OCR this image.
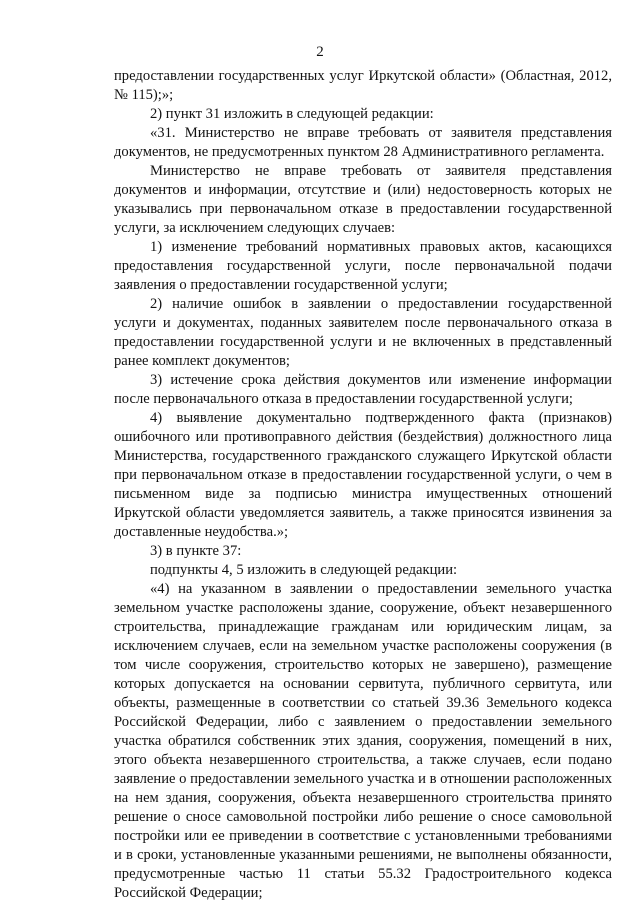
2

предоставлении государственных услуг Иркутской области» (Областная, 2012, № 115);»;

2) пункт 31 изложить в следующей редакции:

«31. Министерство не вправе требовать от заявителя представления документов, не предусмотренных пунктом 28 Административного регламента.

Министерство не вправе требовать от заявителя представления документов и информации, отсутствие и (или) недостоверность которых не указывались при первоначальном отказе в предоставлении государственной услуги, за исключением следующих случаев:

1) изменение требований нормативных правовых актов, касающихся предоставления государственной услуги, после первоначальной подачи заявления о предоставлении государственной услуги;

2) наличие ошибок в заявлении о предоставлении государственной услуги и документах, поданных заявителем после первоначального отказа в предоставлении государственной услуги и не включенных в представленный ранее комплект документов;

3) истечение срока действия документов или изменение информации после первоначального отказа в предоставлении государственной услуги;

4) выявление документально подтвержденного факта (признаков) ошибочного или противоправного действия (бездействия) должностного лица Министерства, государственного гражданского служащего Иркутской области при первоначальном отказе в предоставлении государственной услуги, о чем в письменном виде за подписью министра имущественных отношений Иркутской области уведомляется заявитель, а также приносятся извинения за доставленные неудобства.»;

3) в пункте 37:

подпункты 4, 5 изложить в следующей редакции:

«4) на указанном в заявлении о предоставлении земельного участка земельном участке расположены здание, сооружение, объект незавершенного строительства, принадлежащие гражданам или юридическим лицам, за исключением случаев, если на земельном участке расположены сооружения (в том числе сооружения, строительство которых не завершено), размещение которых допускается на основании сервитута, публичного сервитута, или объекты, размещенные в соответствии со статьей 39.36 Земельного кодекса Российской Федерации, либо с заявлением о предоставлении земельного участка обратился собственник этих здания, сооружения, помещений в них, этого объекта незавершенного строительства, а также случаев, если подано заявление о предоставлении земельного участка и в отношении расположенных на нем здания, сооружения, объекта незавершенного строительства принято решение о сносе самовольной постройки либо решение о сносе самовольной постройки или ее приведении в соответствие с установленными требованиями и в сроки, установленные указанными решениями, не выполнены обязанности, предусмотренные частью 11 статьи 55.32 Градостроительного кодекса Российской Федерации;
